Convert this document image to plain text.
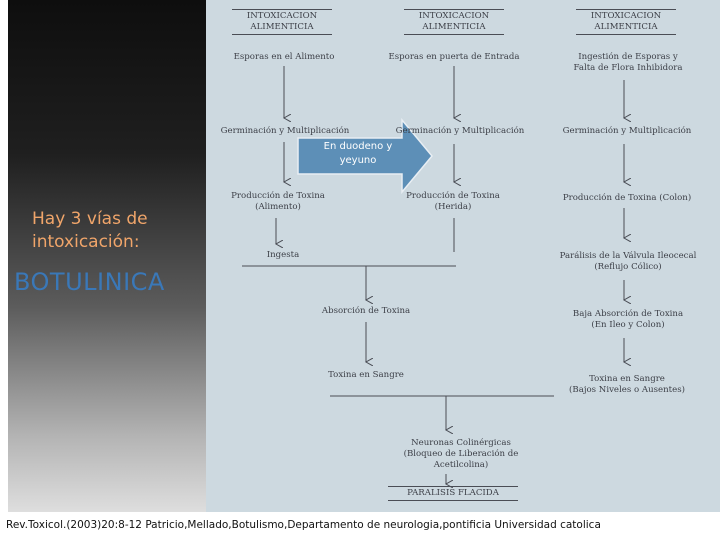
Hay 3 vías de
intoxicación:
BOTULINICA
INTOXICACION
ALIMENTICIA
Esporas en el Alimento
Germinación y Multiplicación
Producción de Toxina
(Alimento)
Ingesta
INTOXICACION
ALIMENTICIA
Esporas en puerta de Entrada
Germinación y Multiplicación
Producción de Toxina
(Herida)
INTOXICACION
ALIMENTICIA
Ingestión de Esporas y
Falta de Flora Inhibidora
Germinación y Multiplicación
Producción de Toxina (Colon)
Parálisis de la Válvula Ileocecal
(Reflujo Cólico)
Baja Absorción de Toxina
(En Ileo y Colon)
Toxina en Sangre
(Bajos Niveles o Ausentes)
Absorción de Toxina
Toxina en Sangre
Neuronas Colinérgicas
(Bloqueo de Liberación de
Acetilcolina)
PARALISIS FLACIDA
En duodeno y yeyuno
Rev.Toxicol.(2003)20:8-12 Patricio,Mellado,Botulismo,Departamento de neurologia,pontificia Universidad catolica
